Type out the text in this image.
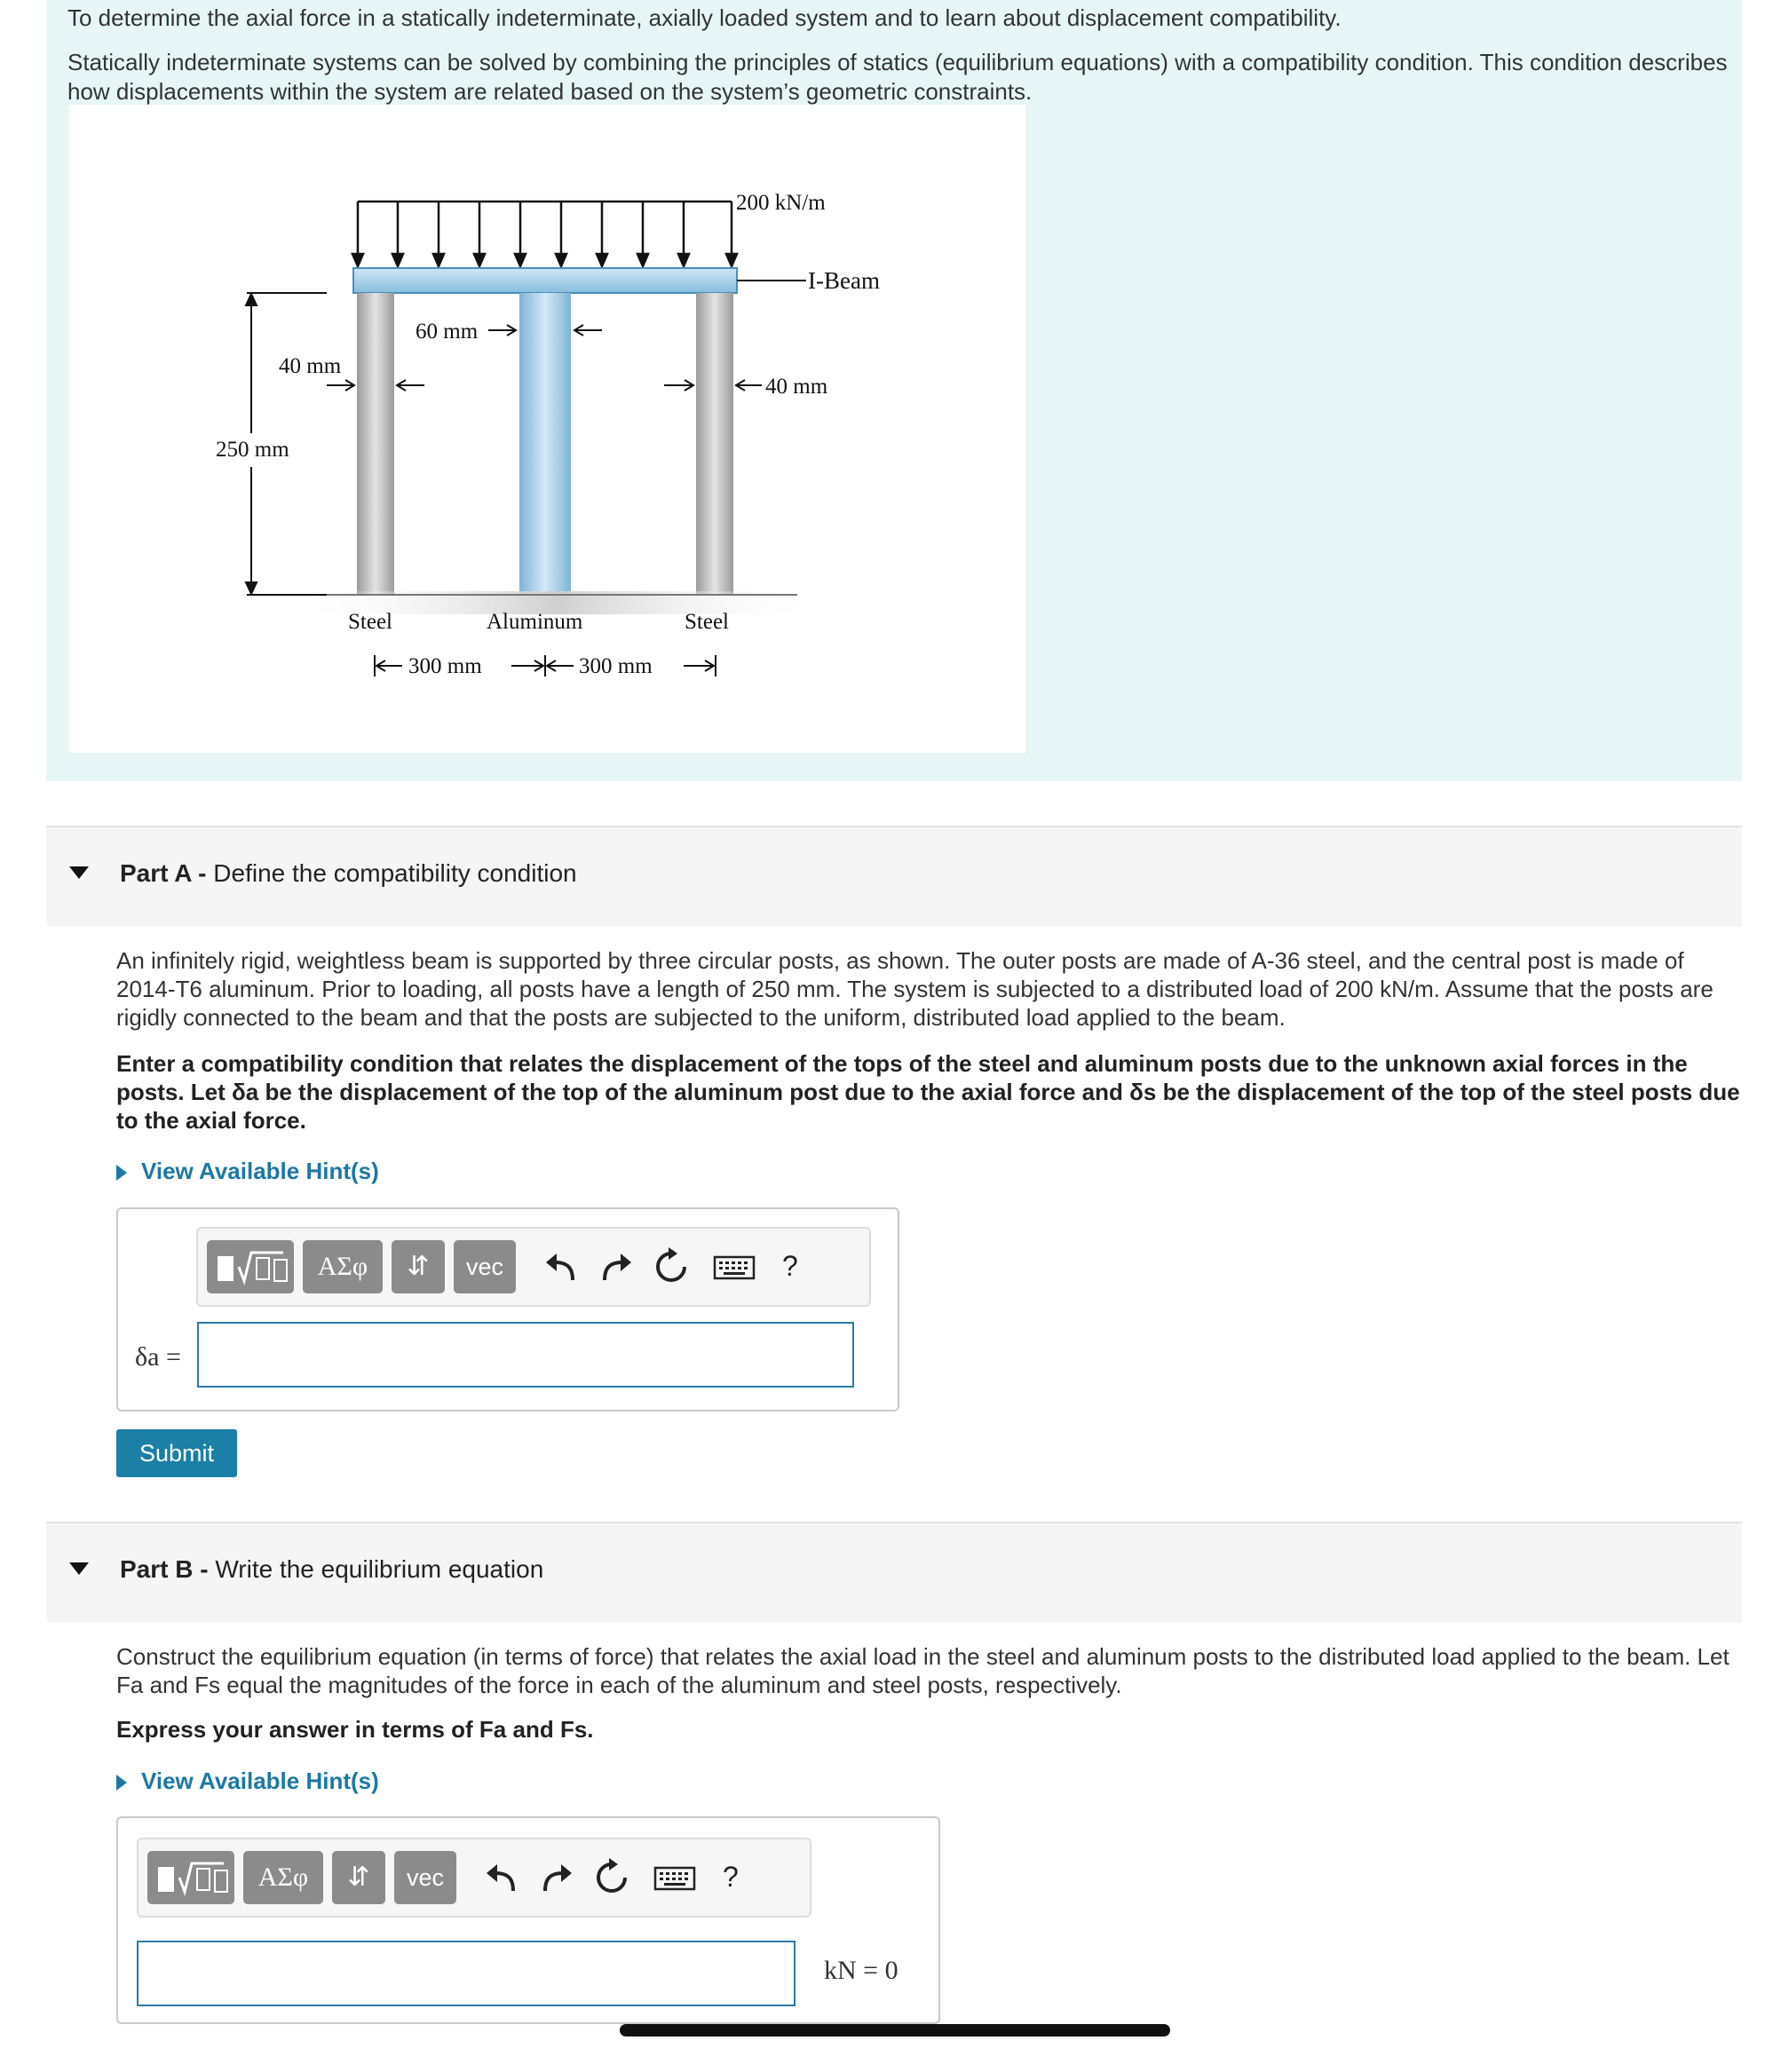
To determine the axial force in a statically indeterminate, axially loaded system and to learn about displacement compatibility.
Statically indeterminate systems can be solved by combining the principles of statics (equilibrium equations) with a compatibility condition. This condition describes how displacements within the system are related based on the system’s geometric constraints.
200 kN/m
I-Beam
250 mm
40 mm
60 mm
40 mm
Steel	Aluminum	Steel
300 mm	300 mm
Part A - Define the compatibility condition
An infinitely rigid, weightless beam is supported by three circular posts, as shown. The outer posts are made of A-36 steel, and the central post is made of 2014-T6 aluminum. Prior to loading, all posts have a length of 250 mm. The system is subjected to a distributed load of 200 kN/m. Assume that the posts are rigidly connected to the beam and that the posts are subjected to the uniform, distributed load applied to the beam.
Enter a compatibility condition that relates the displacement of the tops of the steel and aluminum posts due to the unknown axial forces in the posts. Let δa be the displacement of the top of the aluminum post due to the axial force and δs be the displacement of the top of the steel posts due to the axial force.
View Available Hint(s)
ΑΣφ	⇵	vec	?
δa =
Submit
Part B - Write the equilibrium equation
Construct the equilibrium equation (in terms of force) that relates the axial load in the steel and aluminum posts to the distributed load applied to the beam. Let Fa and Fs equal the magnitudes of the force in each of the aluminum and steel posts, respectively.
Express your answer in terms of Fa and Fs.
View Available Hint(s)
ΑΣφ	⇵	vec	?
kN = 0
